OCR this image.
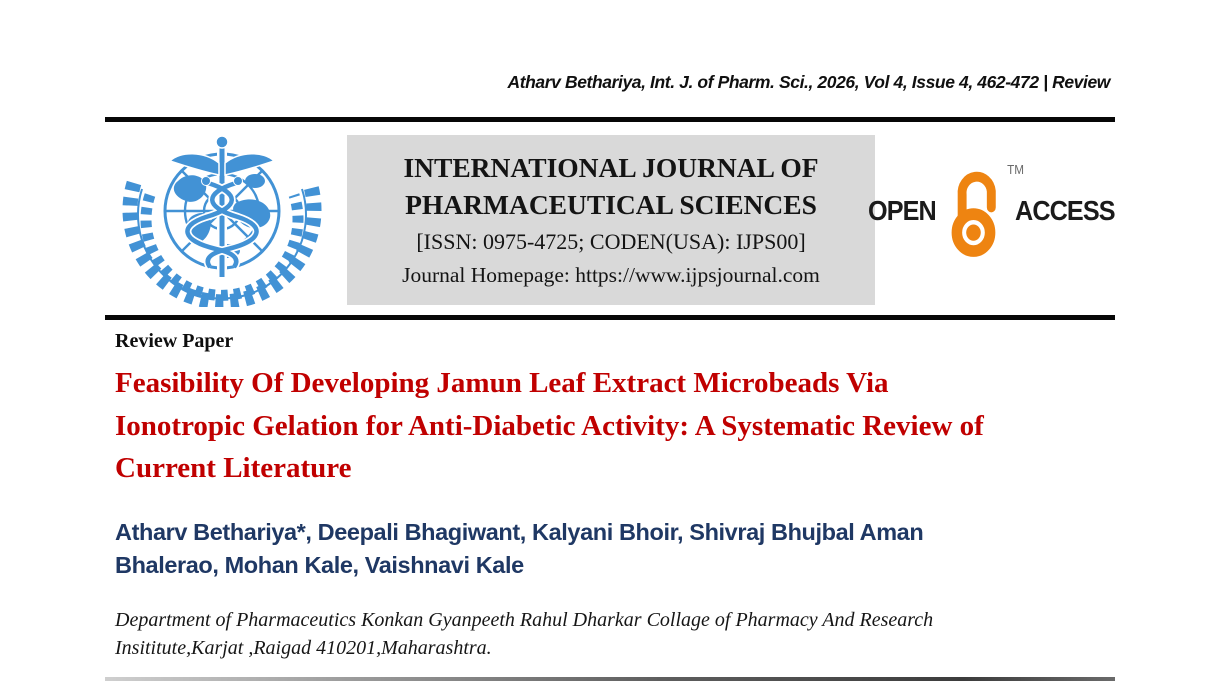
Atharv Bethariya, Int. J. of Pharm. Sci., 2026, Vol 4, Issue 4, 462-472 | Review
INTERNATIONAL JOURNAL OF
PHARMACEUTICAL SCIENCES
[ISSN: 0975-4725; CODEN(USA): IJPS00]
Journal Homepage: https://www.ijpsjournal.com
OPEN
TM
ACCESS
Review Paper
Feasibility Of Developing Jamun Leaf Extract Microbeads Via
Ionotropic Gelation for Anti-Diabetic Activity: A Systematic Review of
Current Literature
Atharv Bethariya*, Deepali Bhagiwant, Kalyani Bhoir, Shivraj Bhujbal Aman
Bhalerao, Mohan Kale, Vaishnavi Kale
Department of Pharmaceutics Konkan Gyanpeeth Rahul Dharkar Collage of Pharmacy And Research
Insititute,Karjat ,Raigad 410201,Maharashtra.
